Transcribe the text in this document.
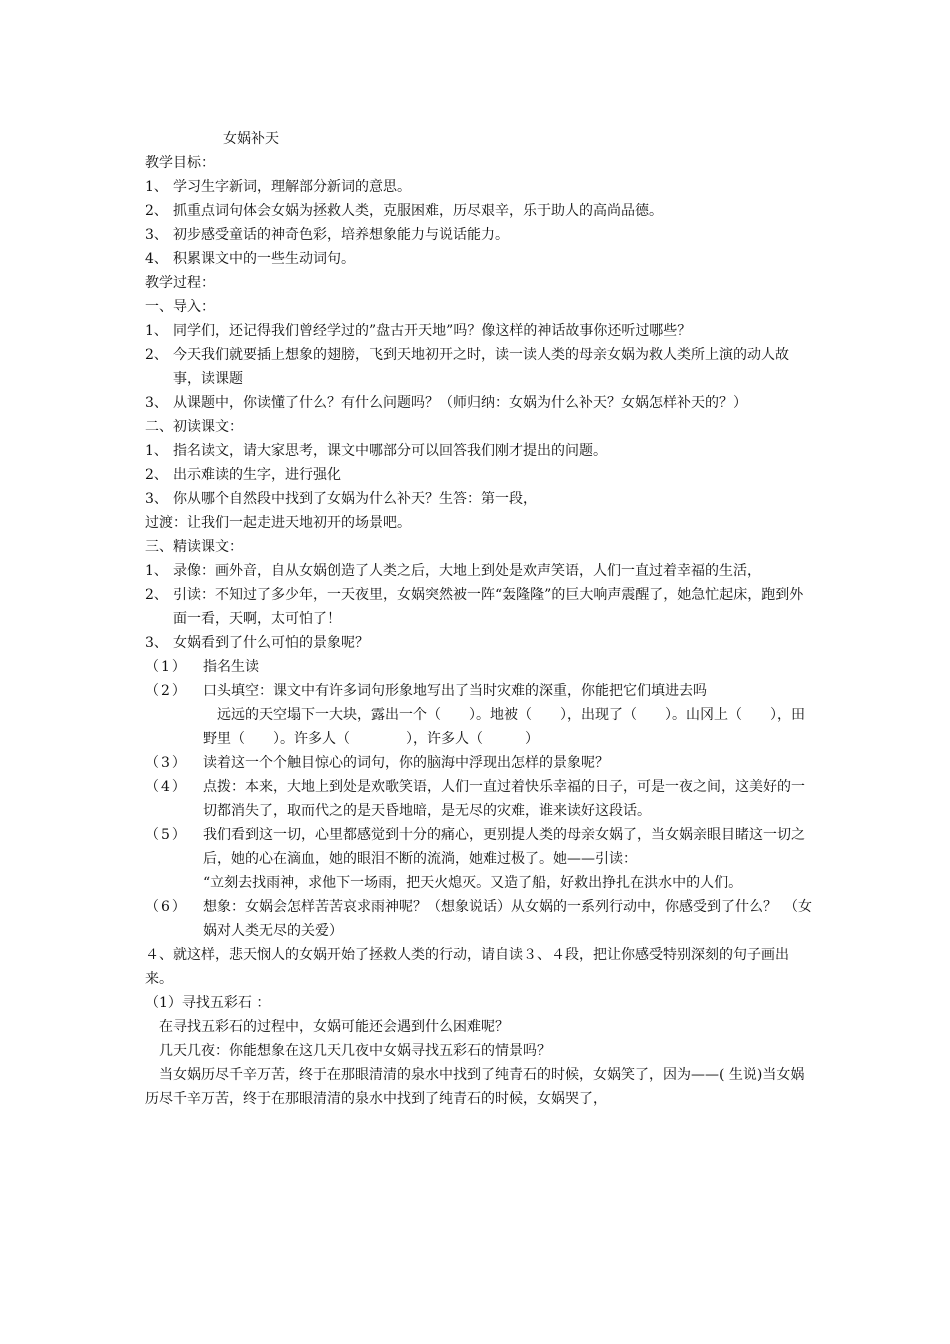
女娲补天

教学目标：

1、 学习生字新词，理解部分新词的意思。
2、 抓重点词句体会女娲为拯救人类，克服困难，历尽艰辛，乐于助人的高尚品德。
3、 初步感受童话的神奇色彩，培养想象能力与说话能力。
4、 积累课文中的一些生动词句。

教学过程：

一、导入：

1、 同学们，还记得我们曾经学过的”盘古开天地”吗？像这样的神话故事你还听过哪些？
2、 今天我们就要插上想象的翅膀，飞到天地初开之时，读一读人类的母亲女娲为救人类所上演的动人故事，读课题
3、 从课题中，你读懂了什么？有什么问题吗？（师归纳：女娲为什么补天？女娲怎样补天的？）

二、初读课文：

1、 指名读文，请大家思考，课文中哪部分可以回答我们刚才提出的问题。
2、 出示难读的生字，进行强化
3、 你从哪个自然段中找到了女娲为什么补天？生答：第一段，

过渡：让我们一起走进天地初开的场景吧。

三、精读课文：

1、 录像：画外音，自从女娲创造了人类之后，大地上到处是欢声笑语，人们一直过着幸福的生活，
2、 引读：不知过了多少年，一天夜里，女娲突然被一阵“轰隆隆”的巨大响声震醒了，她急忙起床，跑到外面一看，天啊，太可怕了！
3、 女娲看到了什么可怕的景象呢？
（1）	指名生读
（2）	口头填空：课文中有许多词句形象地写出了当时灾难的深重，你能把它们填进去吗

远远的天空塌下一大块，露出一个（　　）。地被（　　），出现了（　　）。山冈上（　　），田野里（　　）。许多人（　　　　），许多人（　　　）

（3）	读着这一个个触目惊心的词句，你的脑海中浮现出怎样的景象呢？
（4）	点拨：本来，大地上到处是欢歌笑语，人们一直过着快乐幸福的日子，可是一夜之间，这美好的一切都消失了，取而代之的是天昏地暗，是无尽的灾难，谁来读好这段话。
（5）	我们看到这一切，心里都感觉到十分的痛心，更别提人类的母亲女娲了，当女娲亲眼目睹这一切之后，她的心在滴血，她的眼泪不断的流淌，她难过极了。她——引读：
“立刻去找雨神，求他下一场雨，把天火熄灭。又造了船，好救出挣扎在洪水中的人们。
（6）	想象：女娲会怎样苦苦哀求雨神呢？（想象说话）从女娲的一系列行动中，你感受到了什么？　（女娲对人类无尽的关爱）

４、就这样，悲天悯人的女娲开始了拯救人类的行动，请自读３、４段，把让你感受特别深刻的句子画出来。

（1）寻找五彩石 ：

在寻找五彩石的过程中，女娲可能还会遇到什么困难呢？

几天几夜：你能想象在这几天几夜中女娲寻找五彩石的情景吗？

当女娲历尽千辛万苦，终于在那眼清清的泉水中找到了纯青石的时候，女娲笑了，因为——( 生说)当女娲历尽千辛万苦，终于在那眼清清的泉水中找到了纯青石的时候，女娲哭了，
